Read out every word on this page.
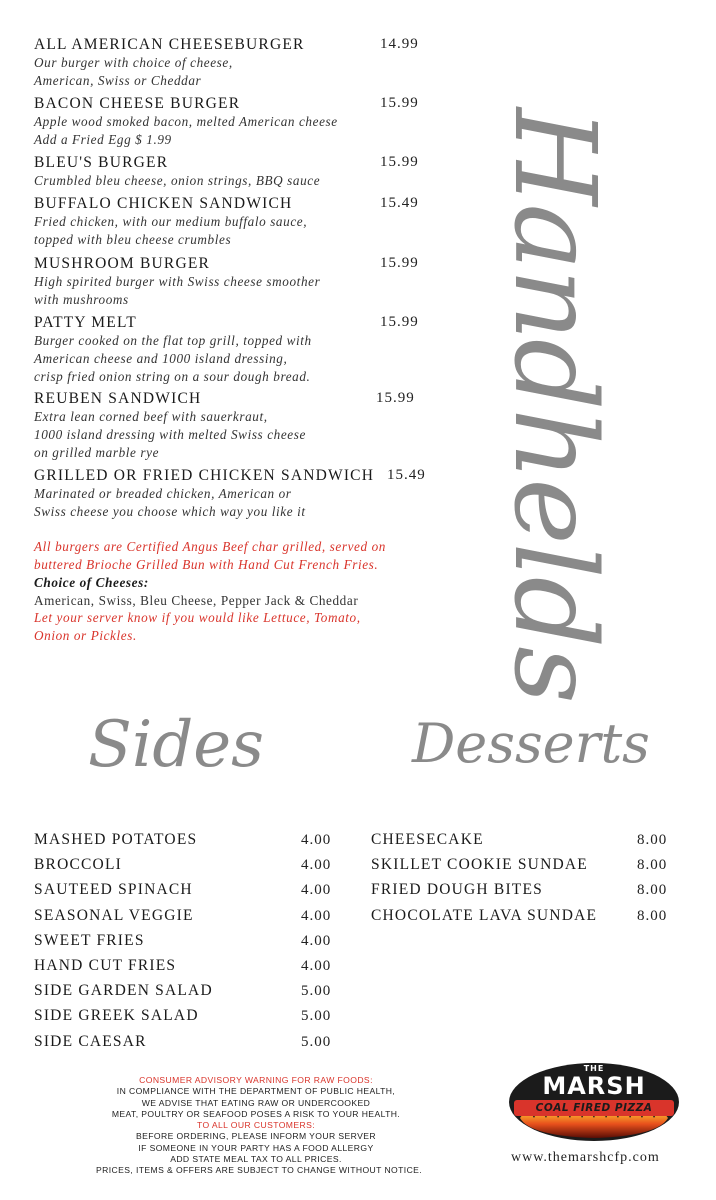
ALL AMERICAN CHEESEBURGER	14.99
Our burger with choice of cheese,
American, Swiss or Cheddar
BACON CHEESE BURGER	15.99
Apple wood smoked bacon, melted American cheese
Add a Fried Egg $ 1.99
BLEU'S BURGER	15.99
Crumbled bleu cheese, onion strings, BBQ sauce
BUFFALO CHICKEN SANDWICH	15.49
Fried chicken, with our medium buffalo sauce,
topped with bleu cheese crumbles
MUSHROOM BURGER	15.99
High spirited burger with Swiss cheese smoother
with mushrooms
PATTY MELT	15.99
Burger cooked on the flat top grill, topped with
American cheese and 1000 island dressing,
crisp fried onion string on a sour dough bread.
REUBEN SANDWICH	15.99
Extra lean corned beef with sauerkraut,
1000 island dressing with melted Swiss cheese
on grilled marble rye
GRILLED OR FRIED CHICKEN SANDWICH 15.49
Marinated or breaded chicken, American or
Swiss cheese you choose which way you like it Handhelds
All burgers are Certified Angus Beef char grilled, served on
buttered Brioche Grilled Bun with Hand Cut French Fries.
Choice of Cheeses:
American, Swiss, Bleu Cheese, Pepper Jack & Cheddar
Let your server know if you would like Lettuce, Tomato,
Onion or Pickles.
Sides
MASHED POTATOES	4.00
BROCCOLI	4.00
SAUTEED SPINACH	4.00
SEASONAL VEGGIE	4.00
SWEET FRIES	4.00
HAND CUT FRIES	4.00
SIDE GARDEN SALAD	5.00
SIDE GREEK SALAD	5.00
SIDE CAESAR	5.00
Desserts
CHEESECAKE	8.00
SKILLET COOKIE SUNDAE	8.00
FRIED DOUGH BITES	8.00
CHOCOLATE LAVA SUNDAE	8.00
CONSUMER ADVISORY WARNING FOR RAW FOODS:
IN COMPLIANCE WITH THE DEPARTMENT OF PUBLIC HEALTH,
WE ADVISE THAT EATING RAW OR UNDERCOOKED
MEAT, POULTRY OR SEAFOOD POSES A RISK TO YOUR HEALTH.
TO ALL OUR CUSTOMERS:
BEFORE ORDERING, PLEASE INFORM YOUR SERVER
IF SOMEONE IN YOUR PARTY HAS A FOOD ALLERGY
ADD STATE MEAL TAX TO ALL PRICES.
PRICES, ITEMS & OFFERS ARE SUBJECT TO CHANGE WITHOUT NOTICE.
THE
MARSH
COAL FIRED PIZZA
www.themarshcfp.com
